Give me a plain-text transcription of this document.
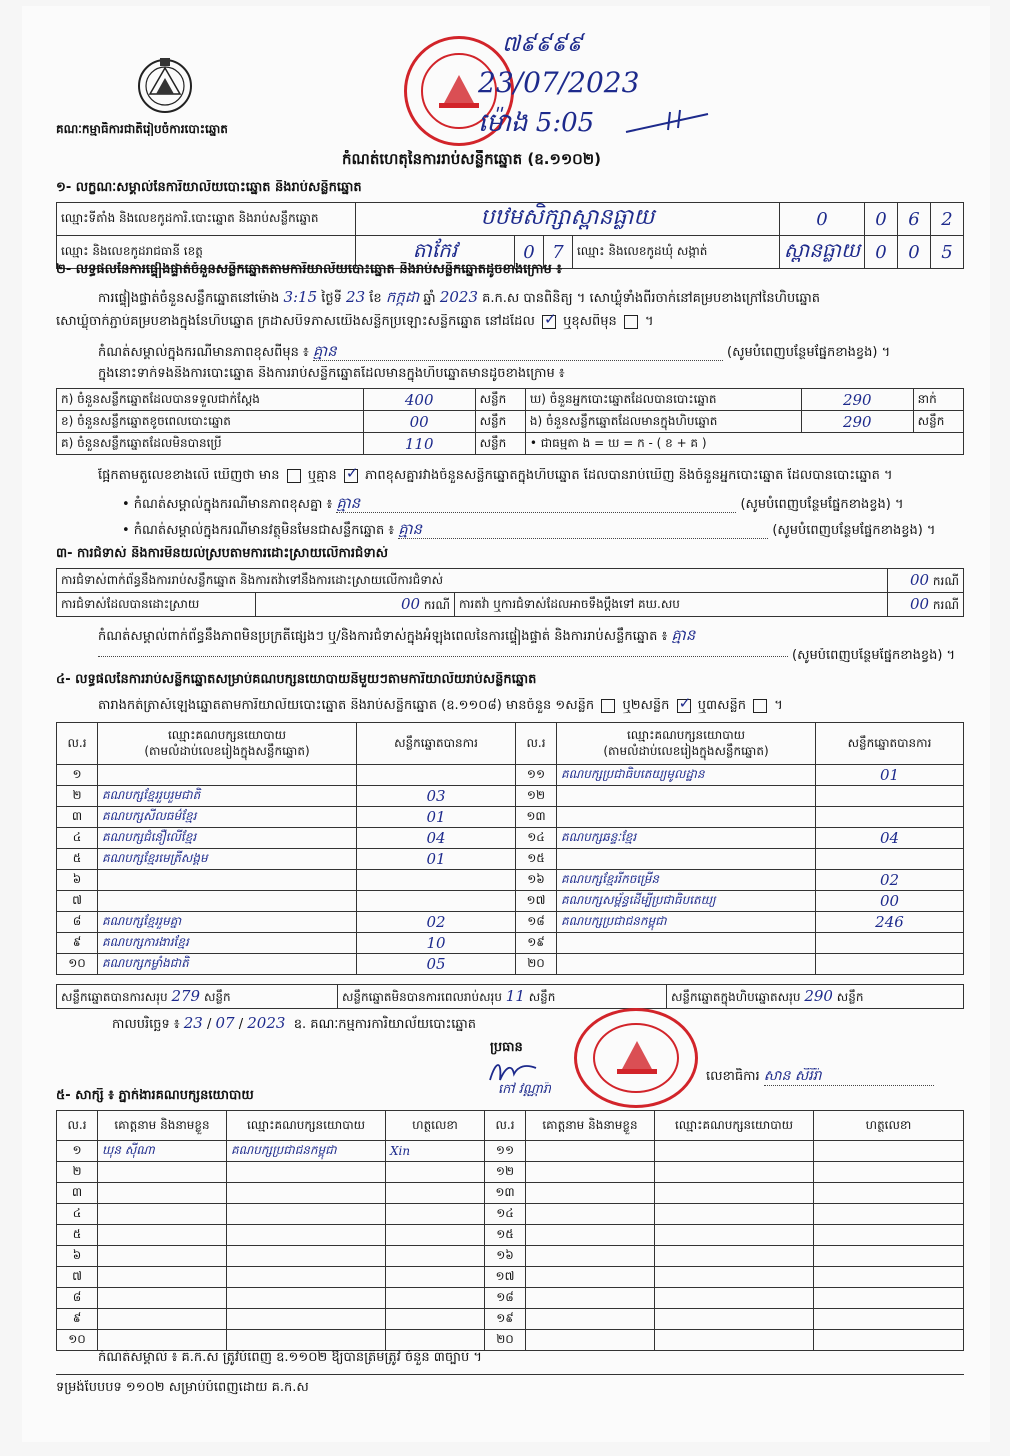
គណៈកម្មាធិការជាតិរៀបចំការបោះឆ្នោត
៧៩៩៩៩
23/07/2023
ម៉ោង 5:05
កំណត់ហេតុនៃការរាប់សន្លឹកឆ្នោត (ឧ.១១០២)
១- លក្ខណៈសម្គាល់នៃការិយាល័យបោះឆ្នោត និងរាប់សន្លឹកឆ្នោត
ឈ្មោះទីតាំង និងលេខកូដការិ.បោះឆ្នោត និងរាប់សន្លឹកឆ្នោត	បឋមសិក្សាស្ពានធ្លាយ				0	0	6	2
ឈ្មោះ និងលេខកូដរាជធានី ខេត្ត	តាកែវ	0	7	ឈ្មោះ និងលេខកូដឃុំ សង្កាត់	ស្ពានធ្លាយ	0	0	5
២- លទ្ធផលនៃការផ្ទៀងផ្ទាត់ចំនួនសន្លឹកឆ្នោតតាមការិយាល័យបោះឆ្នោត និងរាប់សន្លឹកឆ្នោតដូចខាងក្រោម ៖
ការផ្ទៀងផ្ទាត់ចំនួនសន្លឹកឆ្នោតនៅម៉ោង 3:15 ថ្ងៃទី 23 ខែ កក្កដា ឆ្នាំ 2023 គ.ក.ស បានពិនិត្យ ។ សោឃ្លុំទាំងពីរចាក់នៅគម្របខាងក្រៅនៃហិបឆ្នោត
សោឃ្លុំចាក់ភ្ជាប់គម្របខាងក្នុងនៃហិបឆ្នោត ក្រដាសបិទភាសយើងសន្លឹកប្រឡោះសន្លឹកឆ្នោត នៅដដែល ✓ ឬខុសពីមុន  ។
កំណត់សម្គាល់ក្នុងករណីមានភាពខុសពីមុន ៖ គ្មាន	(សូមបំពេញបន្ថែមផ្នែកខាងខ្វង) ។
ក្នុងនោះទាក់ទងនឹងការបោះឆ្នោត និងការរាប់សន្លឹកឆ្នោតដែលមានក្នុងហិបឆ្នោតមានដូចខាងក្រោម ៖
ក) ចំនួនសន្លឹកឆ្នោតដែលបានទទួលជាក់ស្ដែង	400	សន្លឹក	ឃ) ចំនួនអ្នកបោះឆ្នោតដែលបានបោះឆ្នោត	290	នាក់
ខ) ចំនួនសន្លឹកឆ្នោតខូចពេលបោះឆ្នោត	00	សន្លឹក	ង) ចំនួនសន្លឹកឆ្នោតដែលមានក្នុងហិបឆ្នោត	290	សន្លឹក
គ) ចំនួនសន្លឹកឆ្នោតដែលមិនបានប្រើ	110	សន្លឹក	• ជាធម្មតា ង = ឃ = ក - ( ខ + គ )		
ផ្អែកតាមតួលេខខាងលើ ឃើញថា មាន ឬគ្មាន ✓ ភាពខុសគ្នារវាងចំនួនសន្លឹកឆ្នោតក្នុងហិបឆ្នោត ដែលបានរាប់ឃើញ និងចំនួនអ្នកបោះឆ្នោត ដែលបានបោះឆ្នោត ។
• កំណត់សម្គាល់ក្នុងករណីមានភាពខុសគ្នា ៖ គ្មាន	(សូមបំពេញបន្ថែមផ្នែកខាងខ្វង) ។
• កំណត់សម្គាល់ក្នុងករណីមានវត្ថុមិនមែនជាសន្លឹកឆ្នោត ៖ គ្មាន	(សូមបំពេញបន្ថែមផ្នែកខាងខ្វង) ។
៣- ការជំទាស់ និងការមិនយល់ស្របតាមការដោះស្រាយលើការជំទាស់
ការជំទាស់ពាក់ព័ន្ធនឹងការរាប់សន្លឹកឆ្នោត និងការតវ៉ាទៅនឹងការដោះស្រាយលើការជំទាស់			00 ករណី
ការជំទាស់ដែលបានដោះស្រាយ	00 ករណី	ការតវ៉ា ឬការជំទាស់ដែលអាចទឹងប្ដឹងទៅ គឃ.សប	00 ករណី
កំណត់សម្គាល់ពាក់ព័ន្ធនឹងភាពមិនប្រក្រតីផ្សេងៗ ឬ/និងការជំទាស់ក្នុងអំឡុងពេលនៃការផ្ទៀងផ្ទាត់ និងការរាប់សន្លឹកឆ្នោត ៖ គ្មាន
(សូមបំពេញបន្ថែមផ្នែកខាងខ្វង) ។
៤- លទ្ធផលនៃការរាប់សន្លឹកឆ្នោតសម្រាប់គណបក្សនយោបាយនីមួយៗតាមការិយាល័យរាប់សន្លឹកឆ្នោត
តារាងកត់ត្រាសំឡេងឆ្នោតតាមការិយាល័យបោះឆ្នោត និងរាប់សន្លឹកឆ្នោត (ឧ.១១០៨) មានចំនួន ១សន្លឹក ឬ២សន្លឹក ✓ ឬ៣សន្លឹក  ។
ល.រ	ឈ្មោះគណបក្សនយោបាយ
(តាមលំដាប់លេខរៀងក្នុងសន្លឹកឆ្នោត)	សន្លឹកឆ្នោតបានការ	ល.រ	ឈ្មោះគណបក្សនយោបាយ
(តាមលំដាប់លេខរៀងក្នុងសន្លឹកឆ្នោត)	សន្លឹកឆ្នោតបានការ
១			១១	គណបក្សប្រជាធិបតេយ្យមូលដ្ឋាន	01
២	គណបក្សខ្មែររួបរួមជាតិ	03	១២		
៣	គណបក្សសីលធម៌ខ្មែរ	01	១៣		
៤	គណបក្សជំនឿលើខ្មែរ	04	១៤	គណបក្សឆន្ទៈខ្មែរ	04
៥	គណបក្សខ្មែរមេត្រីសង្គម	01	១៥		
៦			១៦	គណបក្សខ្មែររីកចម្រើន	02
៧			១៧	គណបក្សសម្ព័ន្ធដើម្បីប្រជាធិបតេយ្យ	00
៨	គណបក្សខ្មែររួមគ្នា	02	១៨	គណបក្សប្រជាជនកម្ពុជា	246
៩	គណបក្សការងារខ្មែរ	10	១៩		
១០	គណបក្សកម្លាំងជាតិ	05	២០		
សន្លឹកឆ្នោតបានការសរុប 279 សន្លឹក	សន្លឹកឆ្នោតមិនបានការពេលរាប់សរុប 11 សន្លឹក	សន្លឹកឆ្នោតក្នុងហិបឆ្នោតសរុប 290 សន្លឹក
កាលបរិច្ឆេទ ៖ 23 / 07 / 2023 ឧ. គណៈកម្មការការិយាល័យបោះឆ្នោត
ប្រធាន
កៅ វណ្ណារ៉ា
លេខាធិការ សាន សិរីរ៉ា
៥- សាក្សី ៖ ភ្នាក់ងារគណបក្សនយោបាយ
ល.រ	គោត្តនាម និងនាមខ្លួន	ឈ្មោះគណបក្សនយោបាយ	ហត្ថលេខា	ល.រ	គោត្តនាម និងនាមខ្លួន	ឈ្មោះគណបក្សនយោបាយ	ហត្ថលេខា
១	ឃុន ស៊ីណា	គណបក្សប្រជាជនកម្ពុជា	Xin	១១			
២				១២			
៣				១៣			
៤				១៤			
៥				១៥			
៦				១៦			
៧				១៧			
៨				១៨			
៩				១៩			
១០				២០			
កំណត់សម្គាល់ ៖ គ.ក.ស ត្រូវបំពេញ ឧ.១១០២ ឱ្យបានត្រឹមត្រូវ ចំនួន ៣ច្បាប់ ។
ទម្រង់បែបបទ ១១០២ សម្រាប់បំពេញដោយ គ.ក.ស
